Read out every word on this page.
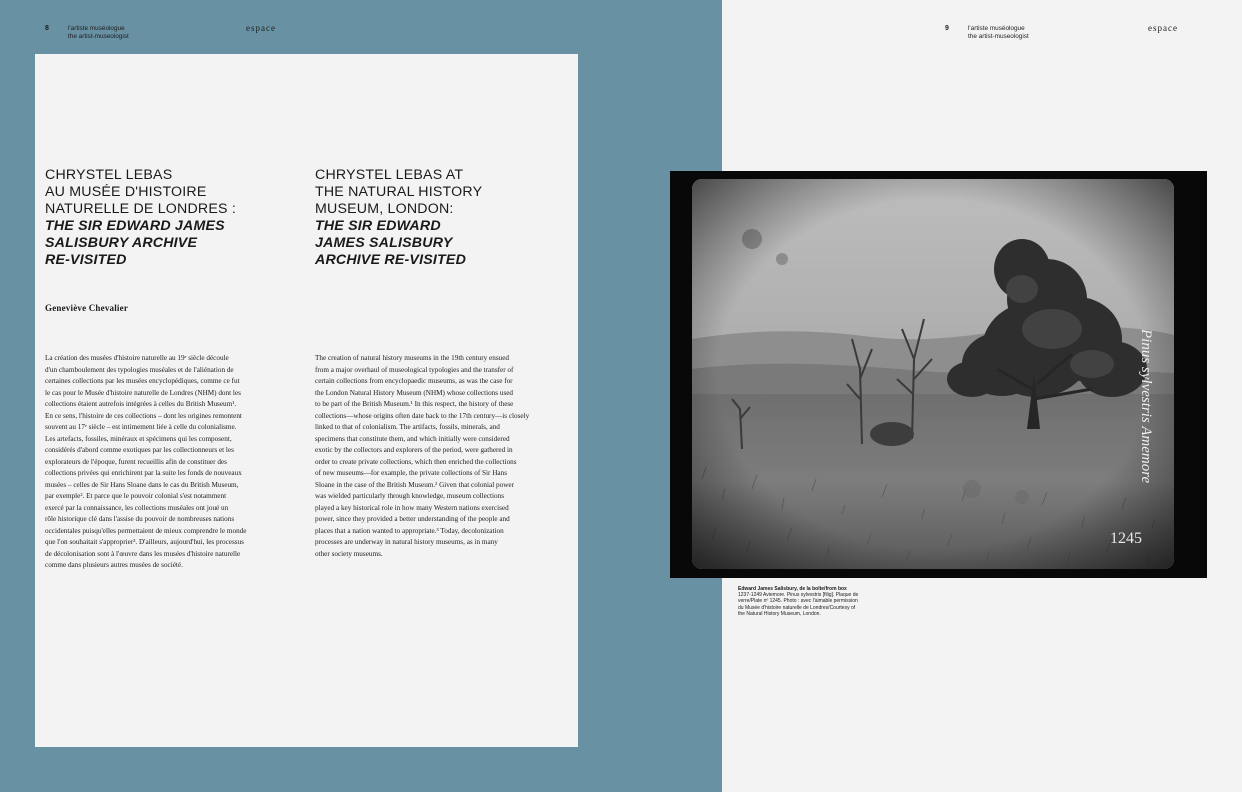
8	l'artiste muséologue
the artist-museologist
espace
CHRYSTEL LEBAS
AU MUSÉE D'HISTOIRE
NATURELLE DE LONDRES :
THE SIR EDWARD JAMES
SALISBURY ARCHIVE
RE-VISITED
CHRYSTEL LEBAS AT
THE NATURAL HISTORY
MUSEUM, LONDON:
THE SIR EDWARD
JAMES SALISBURY
ARCHIVE RE-VISITED
Geneviève Chevalier
La création des musées d'histoire naturelle au 19ᵉ siècle découle
d'un chamboulement des typologies muséales et de l'aliénation de
certaines collections par les musées encyclopédiques, comme ce fut
le cas pour le Musée d'histoire naturelle de Londres (NHM) dont les
collections étaient autrefois intégrées à celles du British Museum¹.
En ce sens, l'histoire de ces collections – dont les origines remontent
souvent au 17ᵉ siècle – est intimement liée à celle du colonialisme.
Les artefacts, fossiles, minéraux et spécimens qui les composent,
considérés d'abord comme exotiques par les collectionneurs et les
explorateurs de l'époque, furent recueillis afin de constituer des
collections privées qui enrichirent par la suite les fonds de nouveaux
musées – celles de Sir Hans Sloane dans le cas du British Museum,
par exemple². Et parce que le pouvoir colonial s'est notamment
exercé par la connaissance, les collections muséales ont joué un
rôle historique clé dans l'assise du pouvoir de nombreuses nations
occidentales puisqu'elles permettaient de mieux comprendre le monde
que l'on souhaitait s'approprier³. D'ailleurs, aujourd'hui, les processus
de décolonisation sont à l'œuvre dans les musées d'histoire naturelle
comme dans plusieurs autres musées de société.
The creation of natural history museums in the 19th century ensued
from a major overhaul of museological typologies and the transfer of
certain collections from encyclopaedic museums, as was the case for
the London Natural History Museum (NHM) whose collections used
to be part of the British Museum.¹ In this respect, the history of these
collections—whose origins often date back to the 17th century—is closely
linked to that of colonialism. The artifacts, fossils, minerals, and
specimens that constitute them, and which initially were considered
exotic by the collectors and explorers of the period, were gathered in
order to create private collections, which then enriched the collections
of new museums—for example, the private collections of Sir Hans
Sloane in the case of the British Museum.² Given that colonial power
was wielded particularly through knowledge, museum collections
played a key historical role in how many Western nations exercised
power, since they provided a better understanding of the people and
places that a nation wanted to appropriate.³ Today, decolonization
processes are underway in natural history museums, as in many
other society museums.
9	l'artiste muséologue
the artist-museologist
espace
Pinus sylvestris Amemore
1245
Edward James Salisbury, de la boîte/from box
1237-1249 Aviemore. Pinus sylvestris [filig]. Plaque de
verre/Plate nº 1245. Photo : avec l'aimable permission
du Musée d'histoire naturelle de Londres/Courtesy of
the Natural History Museum, London.
